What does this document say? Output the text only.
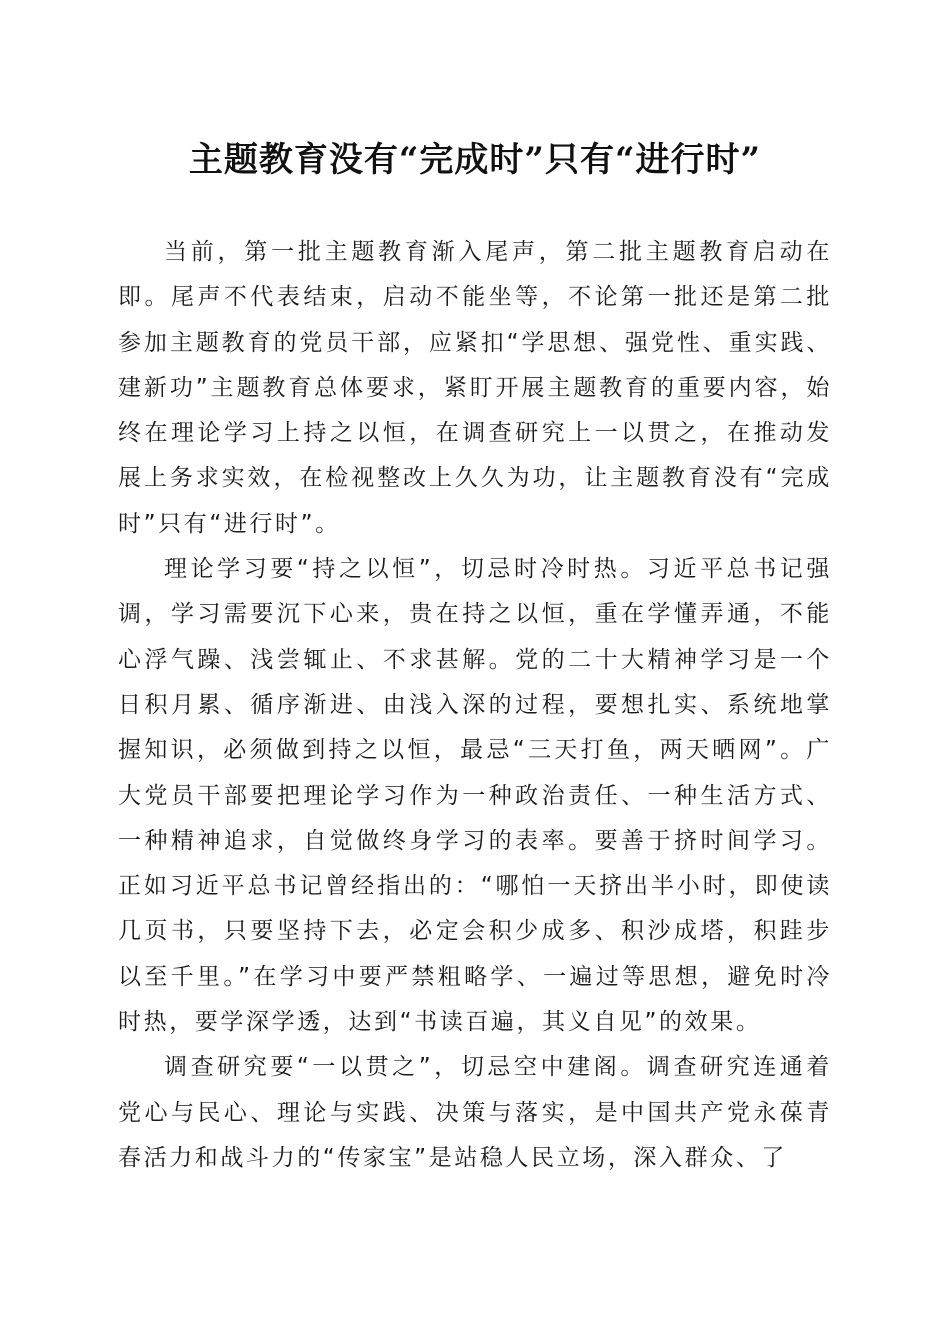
主题教育没有“完成时”只有“进行时”

当前，第一批主题教育渐入尾声，第二批主题教育启动在即。尾声不代表结束，启动不能坐等，不论第一批还是第二批参加主题教育的党员干部，应紧扣“学思想、强党性、重实践、建新功”主题教育总体要求，紧盯开展主题教育的重要内容，始终在理论学习上持之以恒，在调查研究上一以贯之，在推动发展上务求实效，在检视整改上久久为功，让主题教育没有“完成时”只有“进行时”。

理论学习要“持之以恒”，切忌时冷时热。习近平总书记强调，学习需要沉下心来，贵在持之以恒，重在学懂弄通，不能心浮气躁、浅尝辄止、不求甚解。党的二十大精神学习是一个日积月累、循序渐进、由浅入深的过程，要想扎实、系统地掌握知识，必须做到持之以恒，最忌“三天打鱼，两天晒网”。广大党员干部要把理论学习作为一种政治责任、一种生活方式、一种精神追求，自觉做终身学习的表率。要善于挤时间学习。正如习近平总书记曾经指出的：“哪怕一天挤出半小时，即使读几页书，只要坚持下去，必定会积少成多、积沙成塔，积跬步以至千里。”在学习中要严禁粗略学、一遍过等思想，避免时冷时热，要学深学透，达到“书读百遍，其义自见”的效果。

调查研究要“一以贯之”，切忌空中建阁。调查研究连通着党心与民心、理论与实践、决策与落实，是中国共产党永葆青春活力和战斗力的“传家宝”是站稳人民立场，深入群众、了
